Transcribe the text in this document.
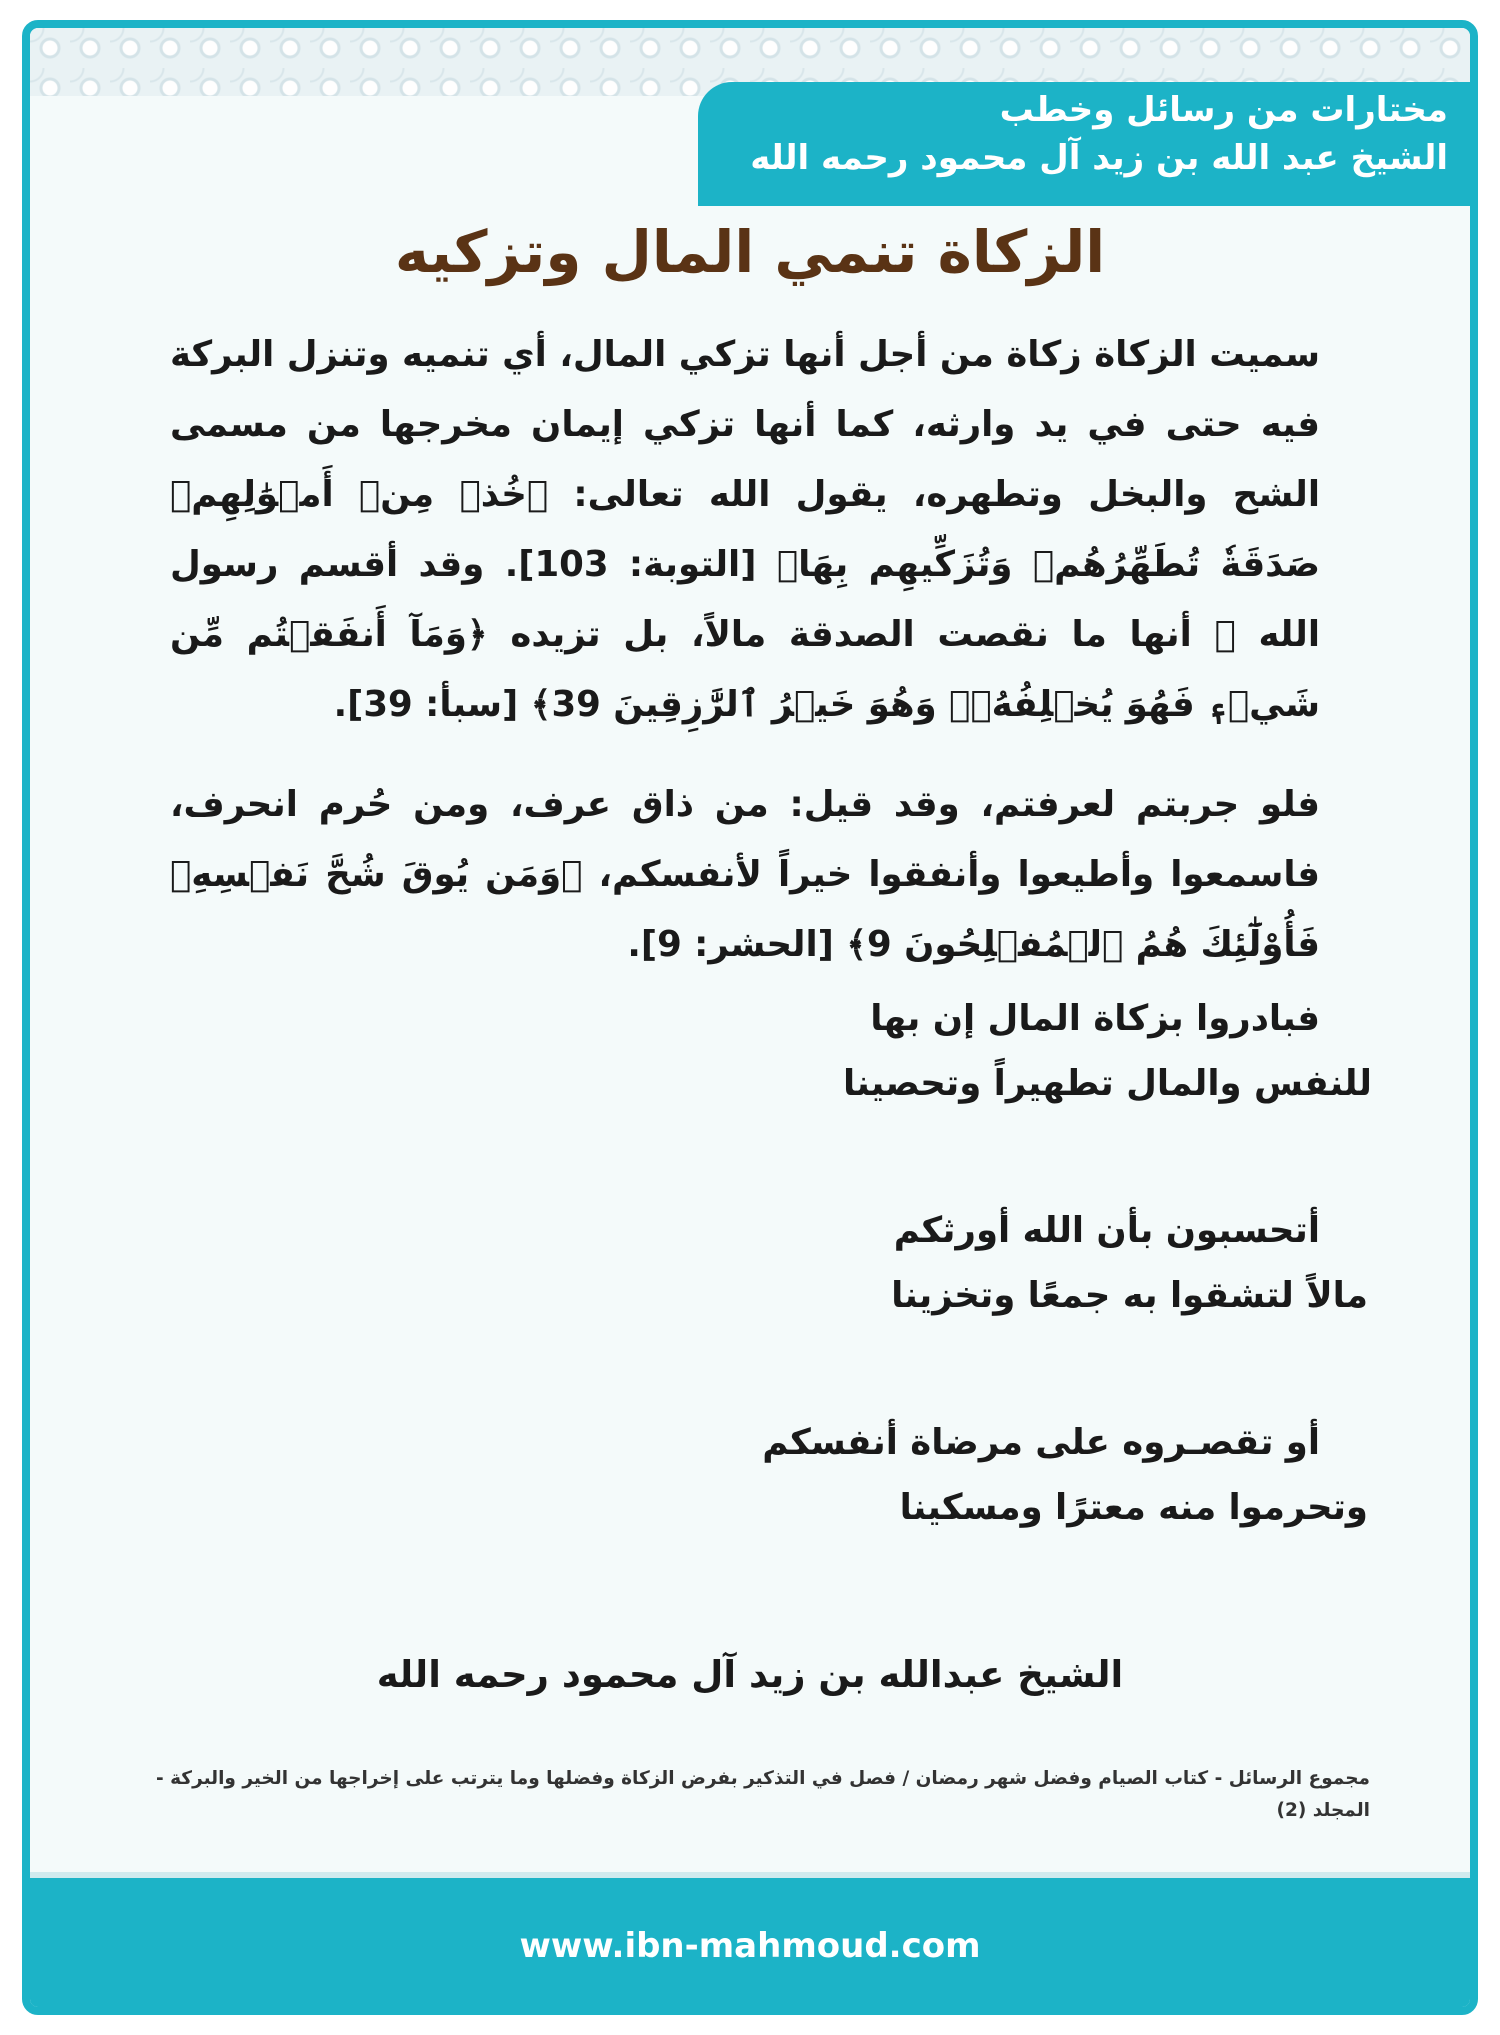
مختارات من رسائل وخطب
الشيخ عبد الله بن زيد آل محمود رحمه الله
الزكاة تنمي المال وتزكيه

سميت الزكاة زكاة من أجل أنها تزكي المال، أي تنميه وتنزل البركة فيه حتى في يد وارثه، كما أنها تزكي إيمان مخرجها من مسمى الشح والبخل وتطهره، يقول الله تعالى: ﴿خُذۡ مِنۡ أَمۡوَٰلِهِمۡ صَدَقَةٗ تُطَهِّرُهُمۡ وَتُزَكِّيهِم بِهَا﴾ [التوبة: 103]. وقد أقسم رسول الله ﷺ أنها ما نقصت الصدقة مالاً، بل تزيده ﴿وَمَآ أَنفَقۡتُم مِّن شَيۡءٖ فَهُوَ يُخۡلِفُهُۥۖ وَهُوَ خَيۡرُ ٱلرَّٰزِقِينَ 39﴾ [سبأ: 39].

فلو جربتم لعرفتم، وقد قيل: من ذاق عرف، ومن حُرم انحرف، فاسمعوا وأطيعوا وأنفقوا خيراً لأنفسكم، ﴿وَمَن يُوقَ شُحَّ نَفۡسِهِۦ فَأُوْلَٰٓئِكَ هُمُ ٱلۡمُفۡلِحُونَ 9﴾ [الحشر: 9].

فبادروا بزكاة المال إن بها
للنفس والمال تطهيراً وتحصينا
أتحسبون بأن الله أورثكم
مالاً لتشقوا به جمعًا وتخزينا
أو تقصـروه على مرضاة أنفسكم
وتحرموا منه معترًا ومسكينا
الشيخ عبدالله بن زيد آل محمود رحمه الله
مجموع الرسائل - كتاب الصيام وفضل شهر رمضان / فصل في التذكير بفرض الزكاة وفضلها وما يترتب على إخراجها من الخير والبركة - المجلد (2)
www.ibn-mahmoud.com
